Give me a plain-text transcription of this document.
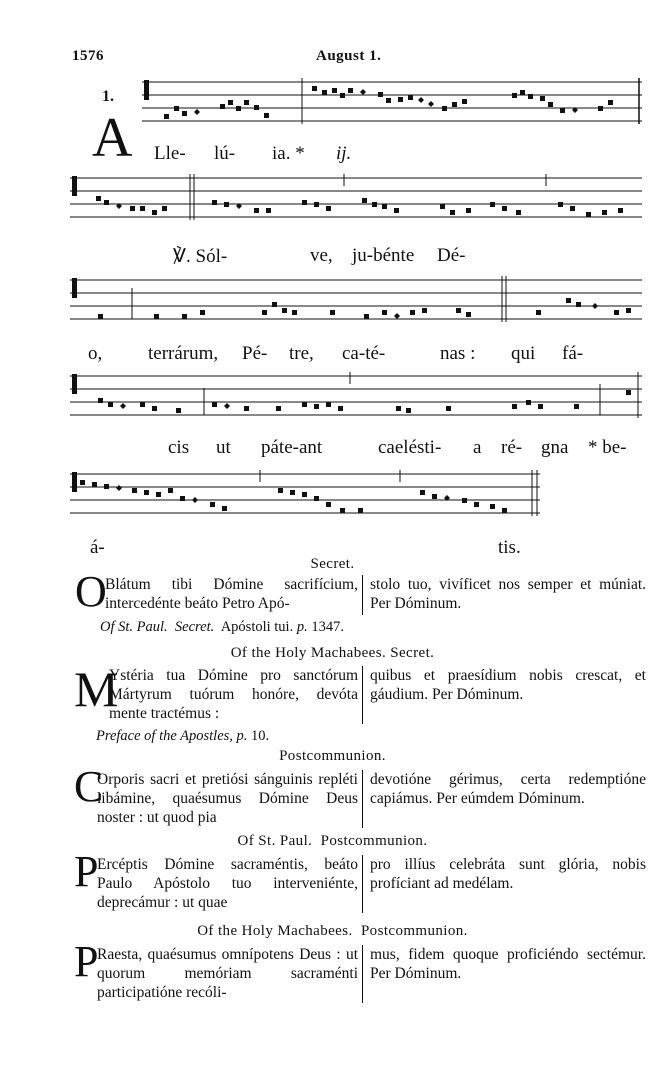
1576	August 1.
1.
A Lle- lú- ia. * ij.
℣. Sól-	ve, ju-bénte Dé-
o, terrárum, Pé- tre, ca-té-	nas : qui fá-
cis ut páte-ant	caelésti- a ré- gna * be-
á-	tis.
Secret.
O

Blátum tibi Dómine sacrifícium, intercedénte beáto Petro Apó-

stolo tuo, vivíficet nos semper et múniat. Per Dóminum.

Of St. Paul. Secret. Apóstoli tui. p. 1347.
Of the Holy Machabees. Secret.
M

Ystéria tua Dómine pro sanctórum Mártyrum tuórum honóre, devóta mente tractémus :

quibus et praesídium nobis crescat, et gáudium. Per Dóminum.

Preface of the Apostles, p. 10.
Postcommunion.
C

Orporis sacri et pretiósi sánguinis repléti libámine, quaésumus Dómine Deus noster : ut quod pia

devotióne gérimus, certa redemptióne capiámus. Per eúmdem Dóminum.

Of St. Paul. Postcommunion.
P

Ercéptis Dómine sacraméntis, beáto Paulo Apóstolo tuo interveniénte, deprecámur : ut quae

pro illíus celebráta sunt glória, nobis profíciant ad medélam.

Of the Holy Machabees. Postcommunion.
P

Raesta, quaésumus omnípotens Deus : ut quorum memóriam sacraménti participatióne recóli-

mus, fidem quoque proficiéndo sectémur. Per Dóminum.
